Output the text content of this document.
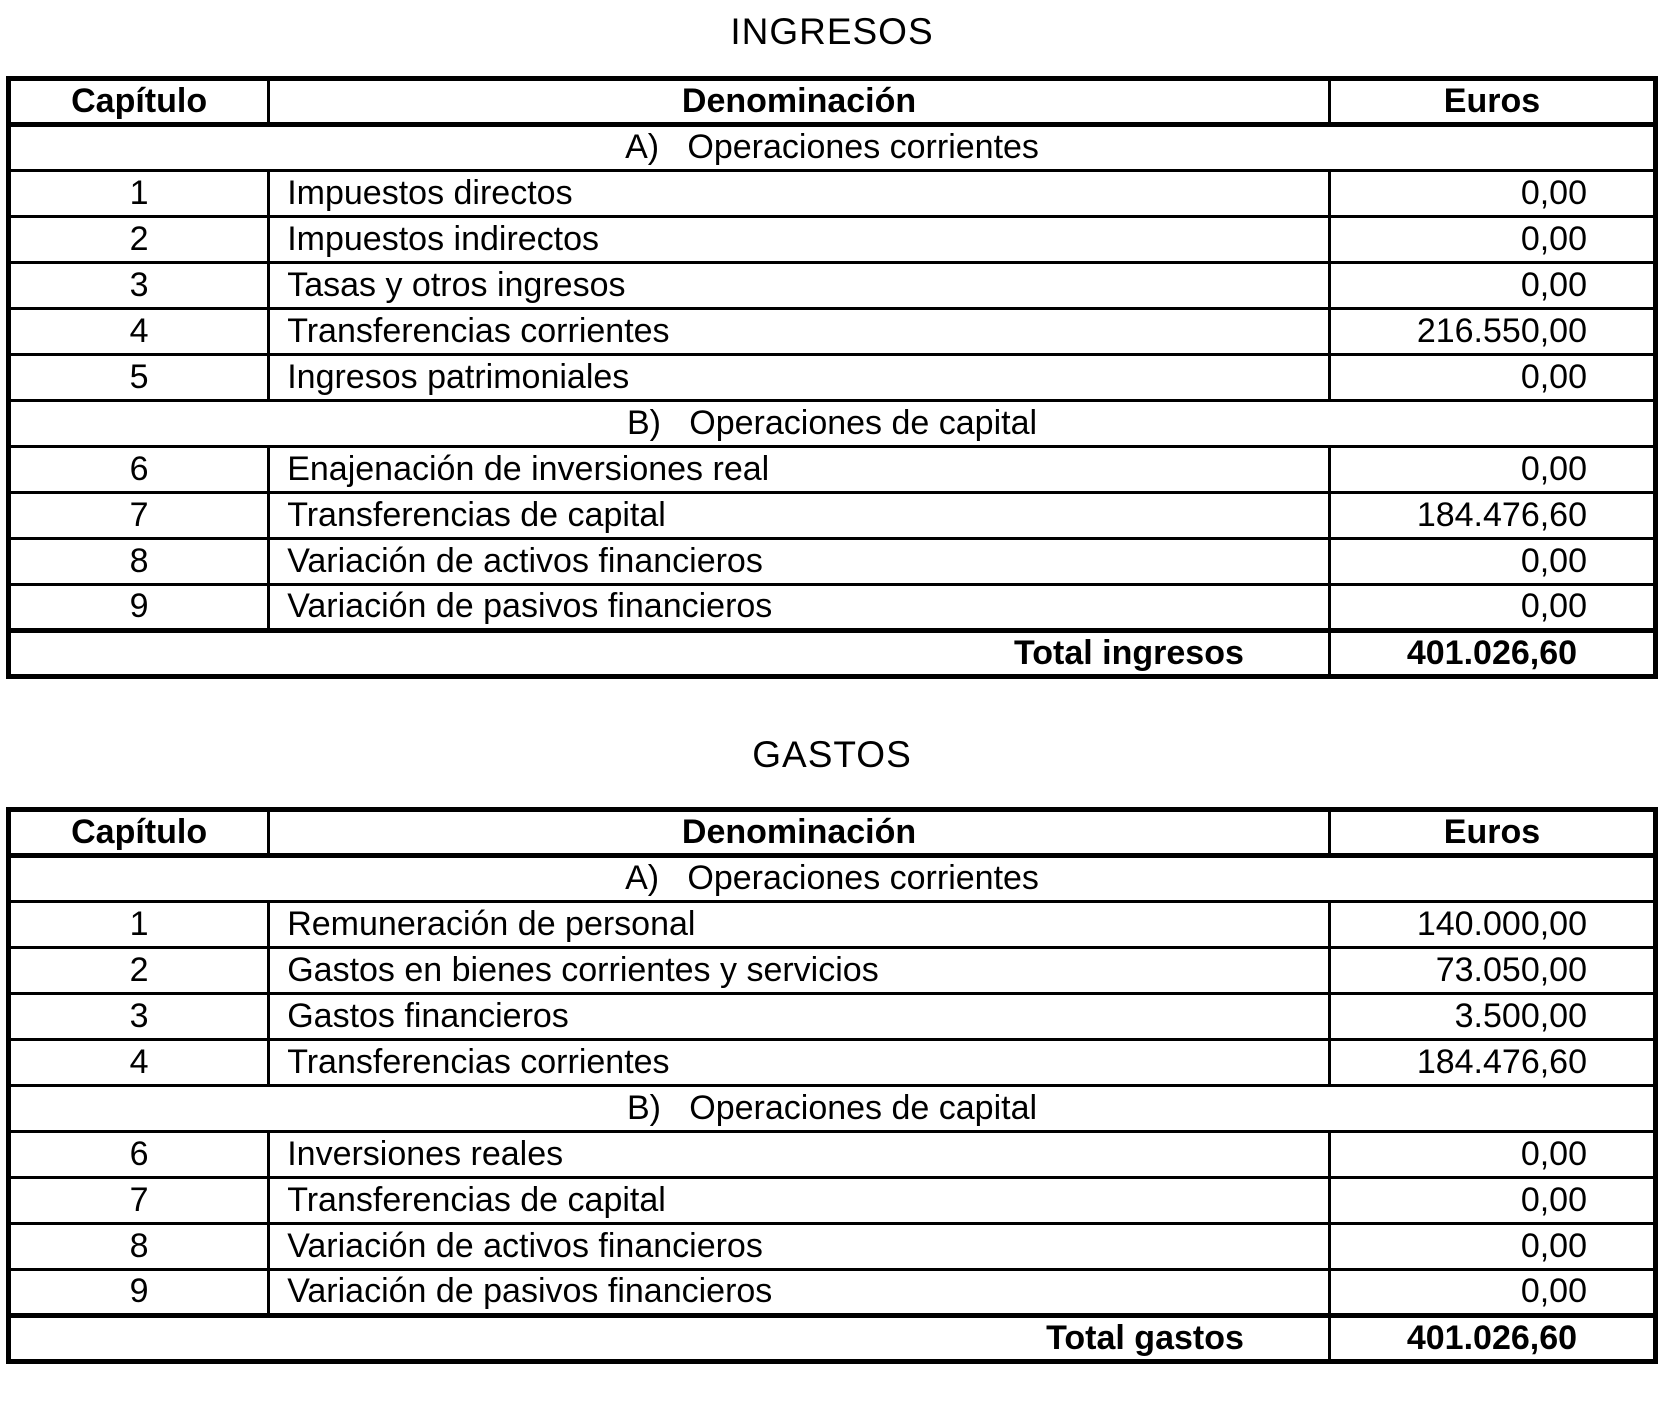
INGRESOS
Capítulo	Denominación	Euros
A)   Operaciones corrientes		
1	Impuestos directos	0,00
2	Impuestos indirectos	0,00
3	Tasas y otros ingresos	0,00
4	Transferencias corrientes	216.550,00
5	Ingresos patrimoniales	0,00
B)   Operaciones de capital		
6	Enajenación de inversiones real	0,00
7	Transferencias de capital	184.476,60
8	Variación de activos financieros	0,00
9	Variación de pasivos financieros	0,00
Total ingresos		401.026,60
GASTOS
Capítulo	Denominación	Euros
A)   Operaciones corrientes		
1	Remuneración de personal	140.000,00
2	Gastos en bienes corrientes y servicios	73.050,00
3	Gastos financieros	3.500,00
4	Transferencias corrientes	184.476,60
B)   Operaciones de capital		
6	Inversiones reales	0,00
7	Transferencias de capital	0,00
8	Variación de activos financieros	0,00
9	Variación de pasivos financieros	0,00
Total gastos		401.026,60
